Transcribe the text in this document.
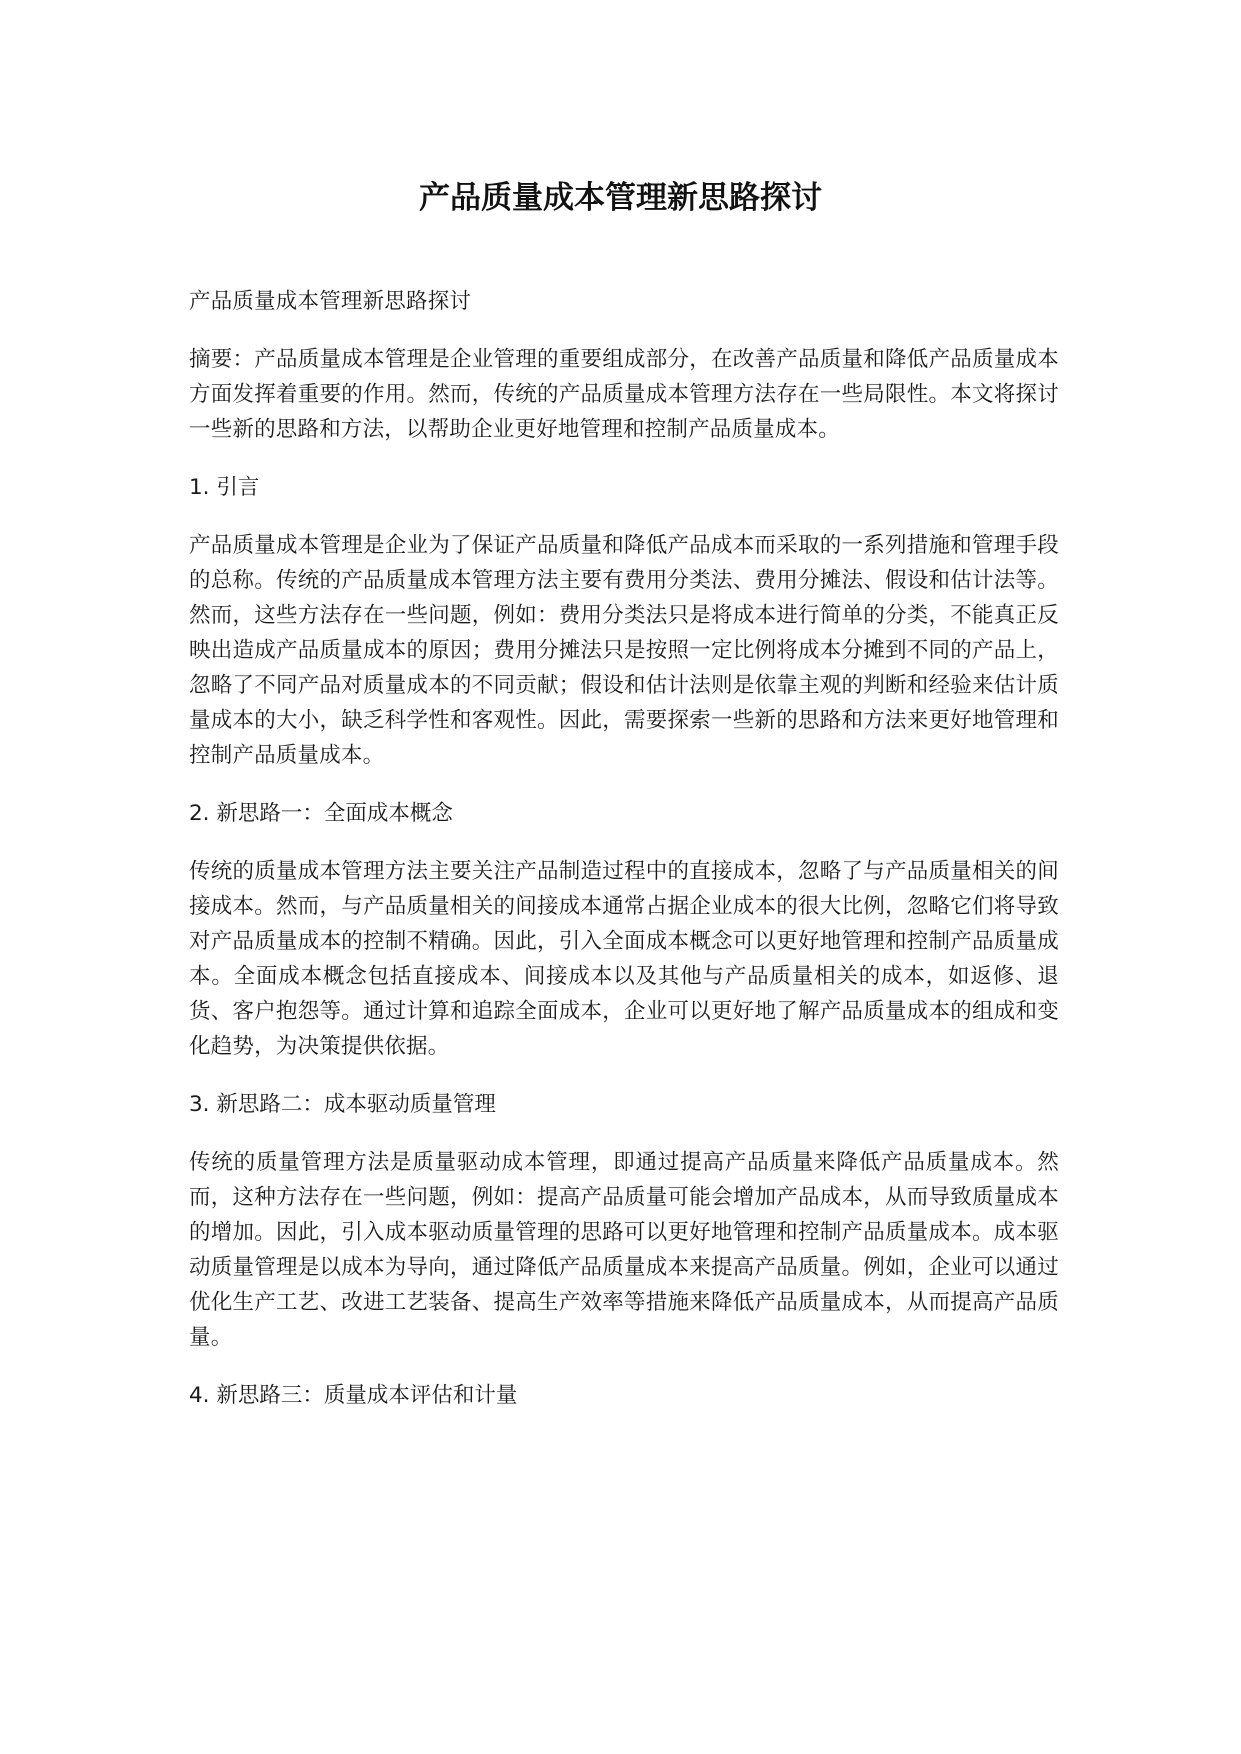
产品质量成本管理新思路探讨

产品质量成本管理新思路探讨

摘要：产品质量成本管理是企业管理的重要组成部分，在改善产品质量和降低产品质量成本方面发挥着重要的作用。然而，传统的产品质量成本管理方法存在一些局限性。本文将探讨一些新的思路和方法，以帮助企业更好地管理和控制产品质量成本。

1. 引言

产品质量成本管理是企业为了保证产品质量和降低产品成本而采取的一系列措施和管理手段的总称。传统的产品质量成本管理方法主要有费用分类法、费用分摊法、假设和估计法等。然而，这些方法存在一些问题，例如：费用分类法只是将成本进行简单的分类，不能真正反映出造成产品质量成本的原因；费用分摊法只是按照一定比例将成本分摊到不同的产品上，忽略了不同产品对质量成本的不同贡献；假设和估计法则是依靠主观的判断和经验来估计质量成本的大小，缺乏科学性和客观性。因此，需要探索一些新的思路和方法来更好地管理和控制产品质量成本。

2. 新思路一：全面成本概念

传统的质量成本管理方法主要关注产品制造过程中的直接成本，忽略了与产品质量相关的间接成本。然而，与产品质量相关的间接成本通常占据企业成本的很大比例，忽略它们将导致对产品质量成本的控制不精确。因此，引入全面成本概念可以更好地管理和控制产品质量成本。全面成本概念包括直接成本、间接成本以及其他与产品质量相关的成本，如返修、退货、客户抱怨等。通过计算和追踪全面成本，企业可以更好地了解产品质量成本的组成和变化趋势，为决策提供依据。

3. 新思路二：成本驱动质量管理

传统的质量管理方法是质量驱动成本管理，即通过提高产品质量来降低产品质量成本。然而，这种方法存在一些问题，例如：提高产品质量可能会增加产品成本，从而导致质量成本的增加。因此，引入成本驱动质量管理的思路可以更好地管理和控制产品质量成本。成本驱动质量管理是以成本为导向，通过降低产品质量成本来提高产品质量。例如，企业可以通过优化生产工艺、改进工艺装备、提高生产效率等措施来降低产品质量成本，从而提高产品质量。

4. 新思路三：质量成本评估和计量
